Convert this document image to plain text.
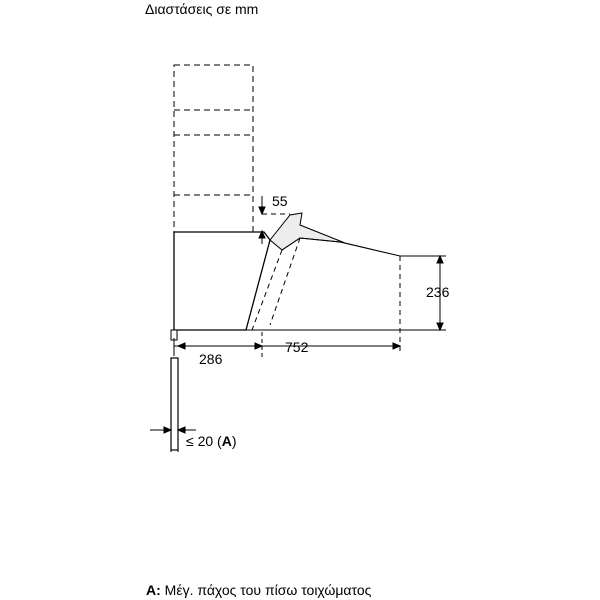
Διαστάσεις σε mm
55
236
286
752
≤ 20 (A)
A: Μέγ. πάχος του πίσω τοιχώματος
